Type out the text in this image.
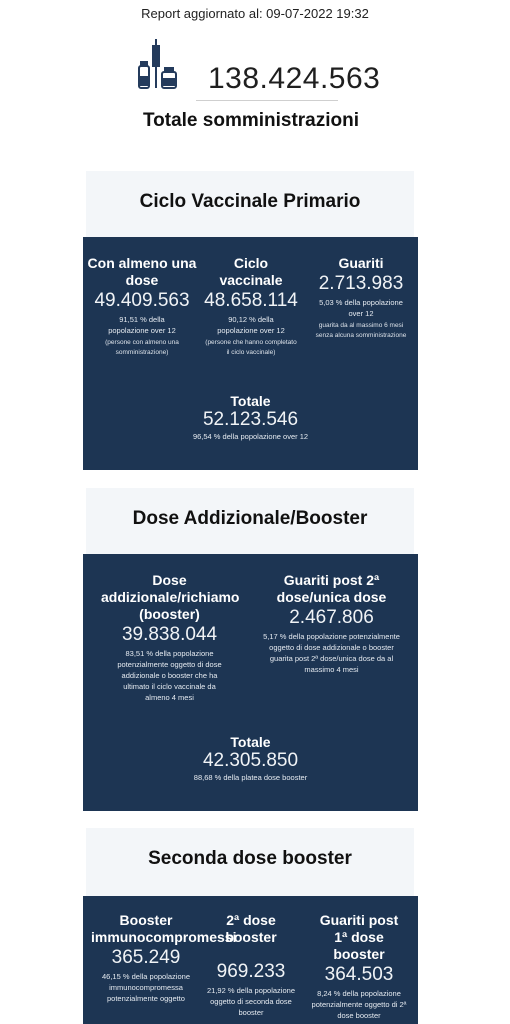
Report aggiornato al: 09-07-2022 19:32
138.424.563
Totale somministrazioni
Ciclo Vaccinale Primario
Con almeno una dose
49.409.563
91,51 % della popolazione over 12
(persone con almeno una somministrazione)
Ciclo vaccinale
48.658.114
90,12 % della popolazione over 12
(persone che hanno completato il ciclo vaccinale)
Guariti
2.713.983
5,03 % della popolazione over 12
guarita da al massimo 6 mesi senza alcuna somministrazione
Totale
52.123.546
96,54 % della popolazione over 12
Dose Addizionale/Booster
Dose addizionale/richiamo (booster)
39.838.044
83,51 % della popolazione potenzialmente oggetto di dose addizionale o booster che ha ultimato il ciclo vaccinale da almeno 4 mesi
Guariti post 2ª dose/unica dose
2.467.806
5,17 % della popolazione potenzialmente oggetto di dose addizionale o booster guarita post 2ª dose/unica dose da al massimo 4 mesi
Totale
42.305.850
88,68 % della platea dose booster
Seconda dose booster
Booster immunocompromessi
365.249
46,15 % della popolazione immunocompromessa potenzialmente oggetto
2ª dose booster
969.233
21,92 % della popolazione oggetto di seconda dose booster
Guariti post 1ª dose booster
364.503
8,24 % della popolazione potenzialmente oggetto di 2ª dose booster
